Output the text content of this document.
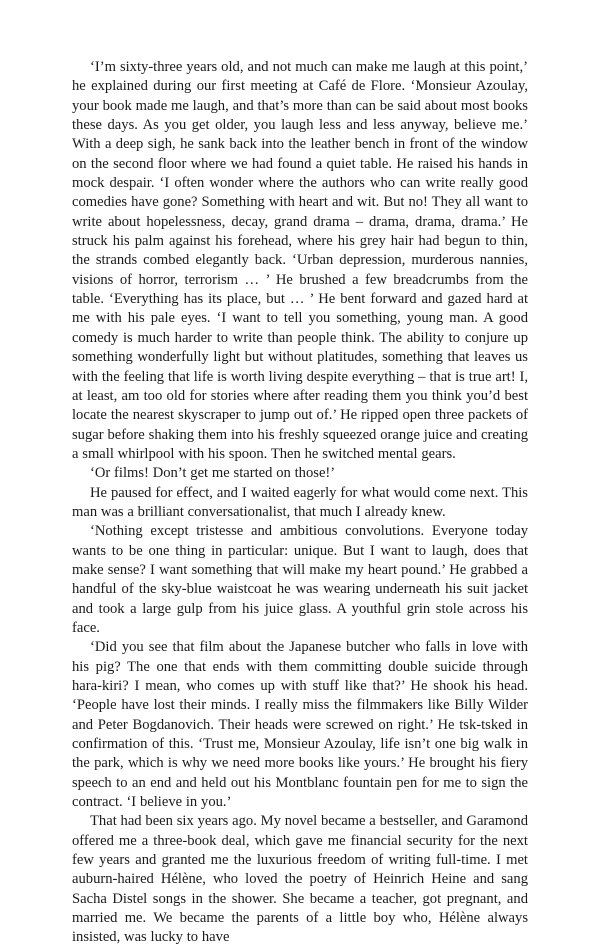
‘I’m sixty-three years old, and not much can make me laugh at this point,’ he explained during our first meeting at Café de Flore. ‘Monsieur Azoulay, your book made me laugh, and that’s more than can be said about most books these days. As you get older, you laugh less and less anyway, believe me.’ With a deep sigh, he sank back into the leather bench in front of the window on the second floor where we had found a quiet table. He raised his hands in mock despair. ‘I often wonder where the authors who can write really good comedies have gone? Something with heart and wit. But no! They all want to write about hopelessness, decay, grand drama – drama, drama, drama.’ He struck his palm against his forehead, where his grey hair had begun to thin, the strands combed elegantly back. ‘Urban depression, murderous nannies, visions of horror, terrorism … ’ He brushed a few breadcrumbs from the table. ‘Everything has its place, but … ’ He bent forward and gazed hard at me with his pale eyes. ‘I want to tell you something, young man. A good comedy is much harder to write than people think. The ability to conjure up something wonderfully light but without platitudes, something that leaves us with the feeling that life is worth living despite everything – that is true art! I, at least, am too old for stories where after reading them you think you’d best locate the nearest skyscraper to jump out of.’ He ripped open three packets of sugar before shaking them into his freshly squeezed orange juice and creating a small whirlpool with his spoon. Then he switched mental gears.

‘Or films! Don’t get me started on those!’

He paused for effect, and I waited eagerly for what would come next. This man was a brilliant conversationalist, that much I already knew.

‘Nothing except tristesse and ambitious convolutions. Everyone today wants to be one thing in particular: unique. But I want to laugh, does that make sense? I want something that will make my heart pound.’ He grabbed a handful of the sky-blue waistcoat he was wearing underneath his suit jacket and took a large gulp from his juice glass. A youthful grin stole across his face.

‘Did you see that film about the Japanese butcher who falls in love with his pig? The one that ends with them committing double suicide through hara-kiri? I mean, who comes up with stuff like that?’ He shook his head. ‘People have lost their minds. I really miss the filmmakers like Billy Wilder and Peter Bogdanovich. Their heads were screwed on right.’ He tsk-tsked in confirmation of this. ‘Trust me, Monsieur Azoulay, life isn’t one big walk in the park, which is why we need more books like yours.’ He brought his fiery speech to an end and held out his Montblanc fountain pen for me to sign the contract. ‘I believe in you.’

That had been six years ago. My novel became a bestseller, and Garamond offered me a three-book deal, which gave me financial security for the next few years and granted me the luxurious freedom of writing full-time. I met auburn-haired Hélène, who loved the poetry of Heinrich Heine and sang Sacha Distel songs in the shower. She became a teacher, got pregnant, and married me. We became the parents of a little boy who, Hélène always insisted, was lucky to have
